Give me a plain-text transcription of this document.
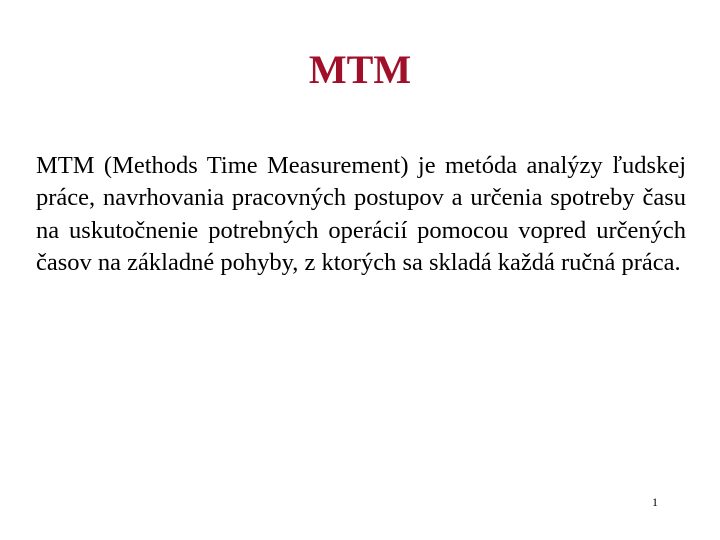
MTM

MTM (Methods Time Measurement) je metóda analýzy ľudskej práce, navrhovania pracovných postupov a určenia spotreby času na uskutočnenie potrebných operácií pomocou vopred určených časov na základné pohyby, z ktorých sa skladá každá ručná práca.

1
